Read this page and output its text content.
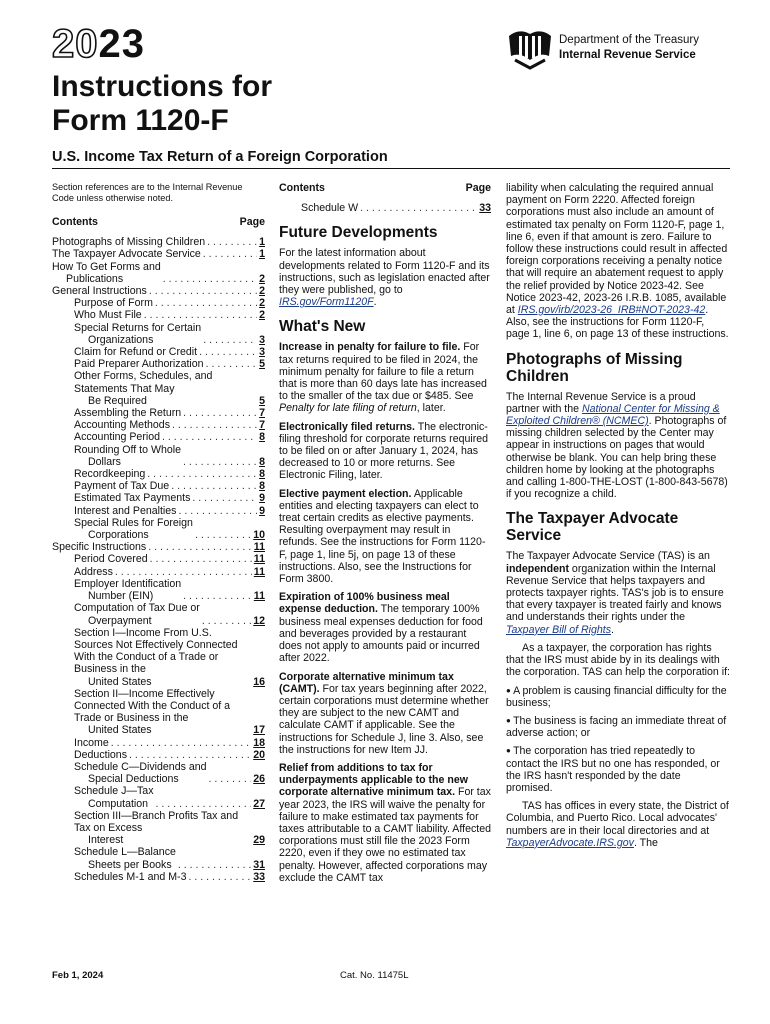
2023	Department of the Treasury
Internal Revenue Service
Instructions for
Form 1120-F
U.S. Income Tax Return of a Foreign Corporation
Section references are to the Internal Revenue Code unless otherwise noted.
Contents	Page
Photographs of Missing Children . . .	1
The Taxpayer Advocate Service . . .	1
How To Get Forms and
Publications . . .	2
General Instructions . . .	2
Purpose of Form . . .	2
Who Must File . . .	2
Special Returns for Certain
Organizations . . .	3
Claim for Refund or Credit . . .	3
Paid Preparer Authorization . . .	5
Other Forms, Schedules, and Statements That May
Be Required	5
Assembling the Return . . .	7
Accounting Methods . . .	7
Accounting Period . . .	8
Rounding Off to Whole
Dollars . . .	8
Recordkeeping . . .	8
Payment of Tax Due . . .	8
Estimated Tax Payments . . .	9
Interest and Penalties . . .	9
Special Rules for Foreign
Corporations . . .	10
Specific Instructions . . .	11
Period Covered . . .	11
Address . . .	11
Employer Identification
Number (EIN) . . .	11
Computation of Tax Due or
Overpayment . . .	12
Section I—Income From U.S. Sources Not Effectively Connected With the Conduct of a Trade or Business in the
United States	16
Section II—Income Effectively Connected With the Conduct of a Trade or Business in the
United States	17
Income . . .	18
Deductions . . .	20
Schedule C—Dividends and
Special Deductions . . .	26
Schedule J—Tax
Computation . . .	27
Section III—Branch Profits Tax and Tax on Excess
Interest	29
Schedule L—Balance
Sheets per Books . . .	31
Schedules M-1 and M-3 . . .	33
Contents	Page
Schedule W . . .	33
Future Developments

For the latest information about developments related to Form 1120-F and its instructions, such as legislation enacted after they were published, go to IRS.gov/Form1120F.

What's New

Increase in penalty for failure to file. For tax returns required to be filed in 2024, the minimum penalty for failure to file a return that is more than 60 days late has increased to the smaller of the tax due or $485. See Penalty for late filing of return, later.

Electronically filed returns. The electronic-filing threshold for corporate returns required to be filed on or after January 1, 2024, has decreased to 10 or more returns. See Electronic Filing, later.

Elective payment election. Applicable entities and electing taxpayers can elect to treat certain credits as elective payments. Resulting overpayment may result in refunds. See the instructions for Form 1120-F, page 1, line 5j, on page 13 of these instructions. Also, see the Instructions for Form 3800.

Expiration of 100% business meal expense deduction. The temporary 100% business meal expenses deduction for food and beverages provided by a restaurant does not apply to amounts paid or incurred after 2022.

Corporate alternative minimum tax (CAMT). For tax years beginning after 2022, certain corporations must determine whether they are subject to the new CAMT and calculate CAMT if applicable. See the instructions for Schedule J, line 3. Also, see the instructions for new Item JJ.

Relief from additions to tax for underpayments applicable to the new corporate alternative minimum tax. For tax year 2023, the IRS will waive the penalty for failure to make estimated tax payments for taxes attributable to a CAMT liability. Affected corporations must still file the 2023 Form 2220, even if they owe no estimated tax penalty. However, affected corporations may exclude the CAMT tax

liability when calculating the required annual payment on Form 2220. Affected foreign corporations must also include an amount of estimated tax penalty on Form 1120-F, page 1, line 6, even if that amount is zero. Failure to follow these instructions could result in affected foreign corporations receiving a penalty notice that will require an abatement request to apply the relief provided by Notice 2023-42. See Notice 2023-42, 2023-26 I.R.B. 1085, available at IRS.gov/irb/2023-26_IRB#NOT-2023-42. Also, see the instructions for Form 1120-F, page 1, line 6, on page 13 of these instructions.

Photographs of Missing Children

The Internal Revenue Service is a proud partner with the National Center for Missing & Exploited Children® (NCMEC). Photographs of missing children selected by the Center may appear in instructions on pages that would otherwise be blank. You can help bring these children home by looking at the photographs and calling 1-800-THE-LOST (1-800-843-5678) if you recognize a child.

The Taxpayer Advocate Service

The Taxpayer Advocate Service (TAS) is an independent organization within the Internal Revenue Service that helps taxpayers and protects taxpayer rights. TAS's job is to ensure that every taxpayer is treated fairly and knows and understands their rights under the Taxpayer Bill of Rights.

As a taxpayer, the corporation has rights that the IRS must abide by in its dealings with the corporation. TAS can help the corporation if:

● A problem is causing financial difficulty for the business;

● The business is facing an immediate threat of adverse action; or

● The corporation has tried repeatedly to contact the IRS but no one has responded, or the IRS hasn't responded by the date promised.

TAS has offices in every state, the District of Columbia, and Puerto Rico. Local advocates' numbers are in their local directories and at TaxpayerAdvocate.IRS.gov. The

Feb 1, 2024	Cat. No. 11475L
